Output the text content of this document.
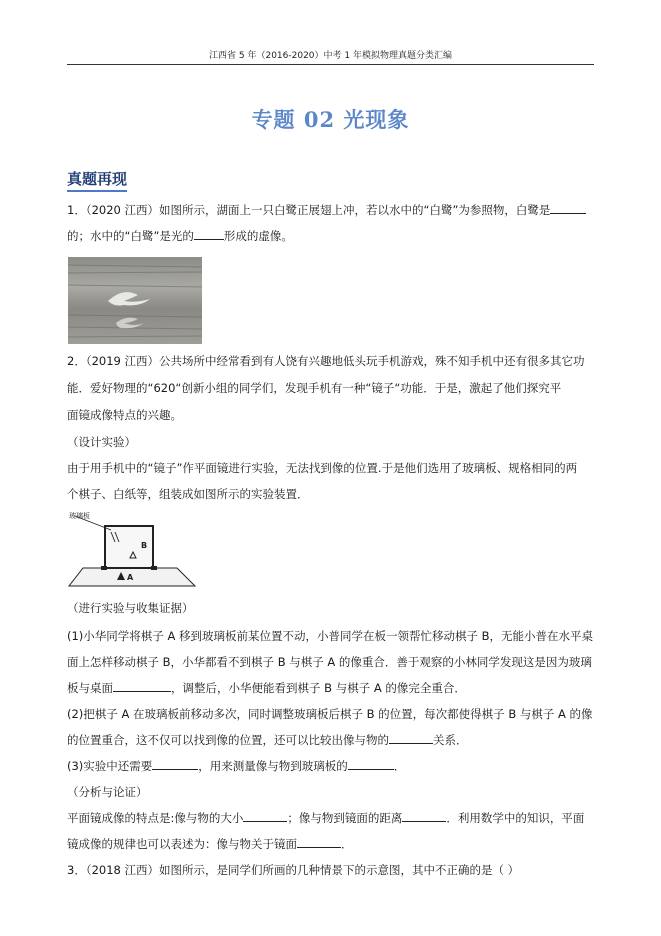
江西省 5 年（2016-2020）中考 1 年模拟物理真题分类汇编
专题 02 光现象
真题再现
1．（2020 江西）如图所示，湖面上一只白鹭正展翅上冲，若以水中的“白鹭”为参照物，白鹭是
的；水中的“白鹭”是光的	形成的虚像。
2．（2019 江西）公共场所中经常看到有人饶有兴趣地低头玩手机游戏，殊不知手机中还有很多其它功
能．爱好物理的“620“创新小组的同学们，发现手机有一种“镜子“功能．于是，激起了他们探究平
面镜成像特点的兴趣。
（设计实验）
由于用手机中的“镜子”作平面镜进行实验，无法找到像的位置.于是他们选用了玻璃板、规格相同的两
个棋子、白纸等，组装成如图所示的实验装置．
玻璃板
B
A
（进行实验与收集证据）
(1)小华同学将棋子 A 移到玻璃板前某位置不动，小普同学在板一领帮忙移动棋子 B，无能小普在水平桌
面上怎样移动棋子 B，小华都看不到棋子 B 与棋子 A 的像重合．善于观察的小林同学发现这是因为玻璃
板与桌面	，调整后，小华便能看到棋子 B 与棋子 A 的像完全重合．
(2)把棋子 A 在玻璃板前移动多次，同时调整玻璃板后棋子 B 的位置，每次都使得棋子 B 与棋子 A 的像
的位置重合，这不仅可以找到像的位置，还可以比较出像与物的	关系．
(3)实验中还需要	，用来测量像与物到玻璃板的	．
（分析与论证）
平面镜成像的特点是:像与物的大小	；像与物到镜面的距离	．利用数学中的知识，平面
镜成像的规律也可以表述为：像与物关于镜面	．
3．（2018 江西）如图所示，是同学们所画的几种情景下的示意图，其中不正确的是（ ）
